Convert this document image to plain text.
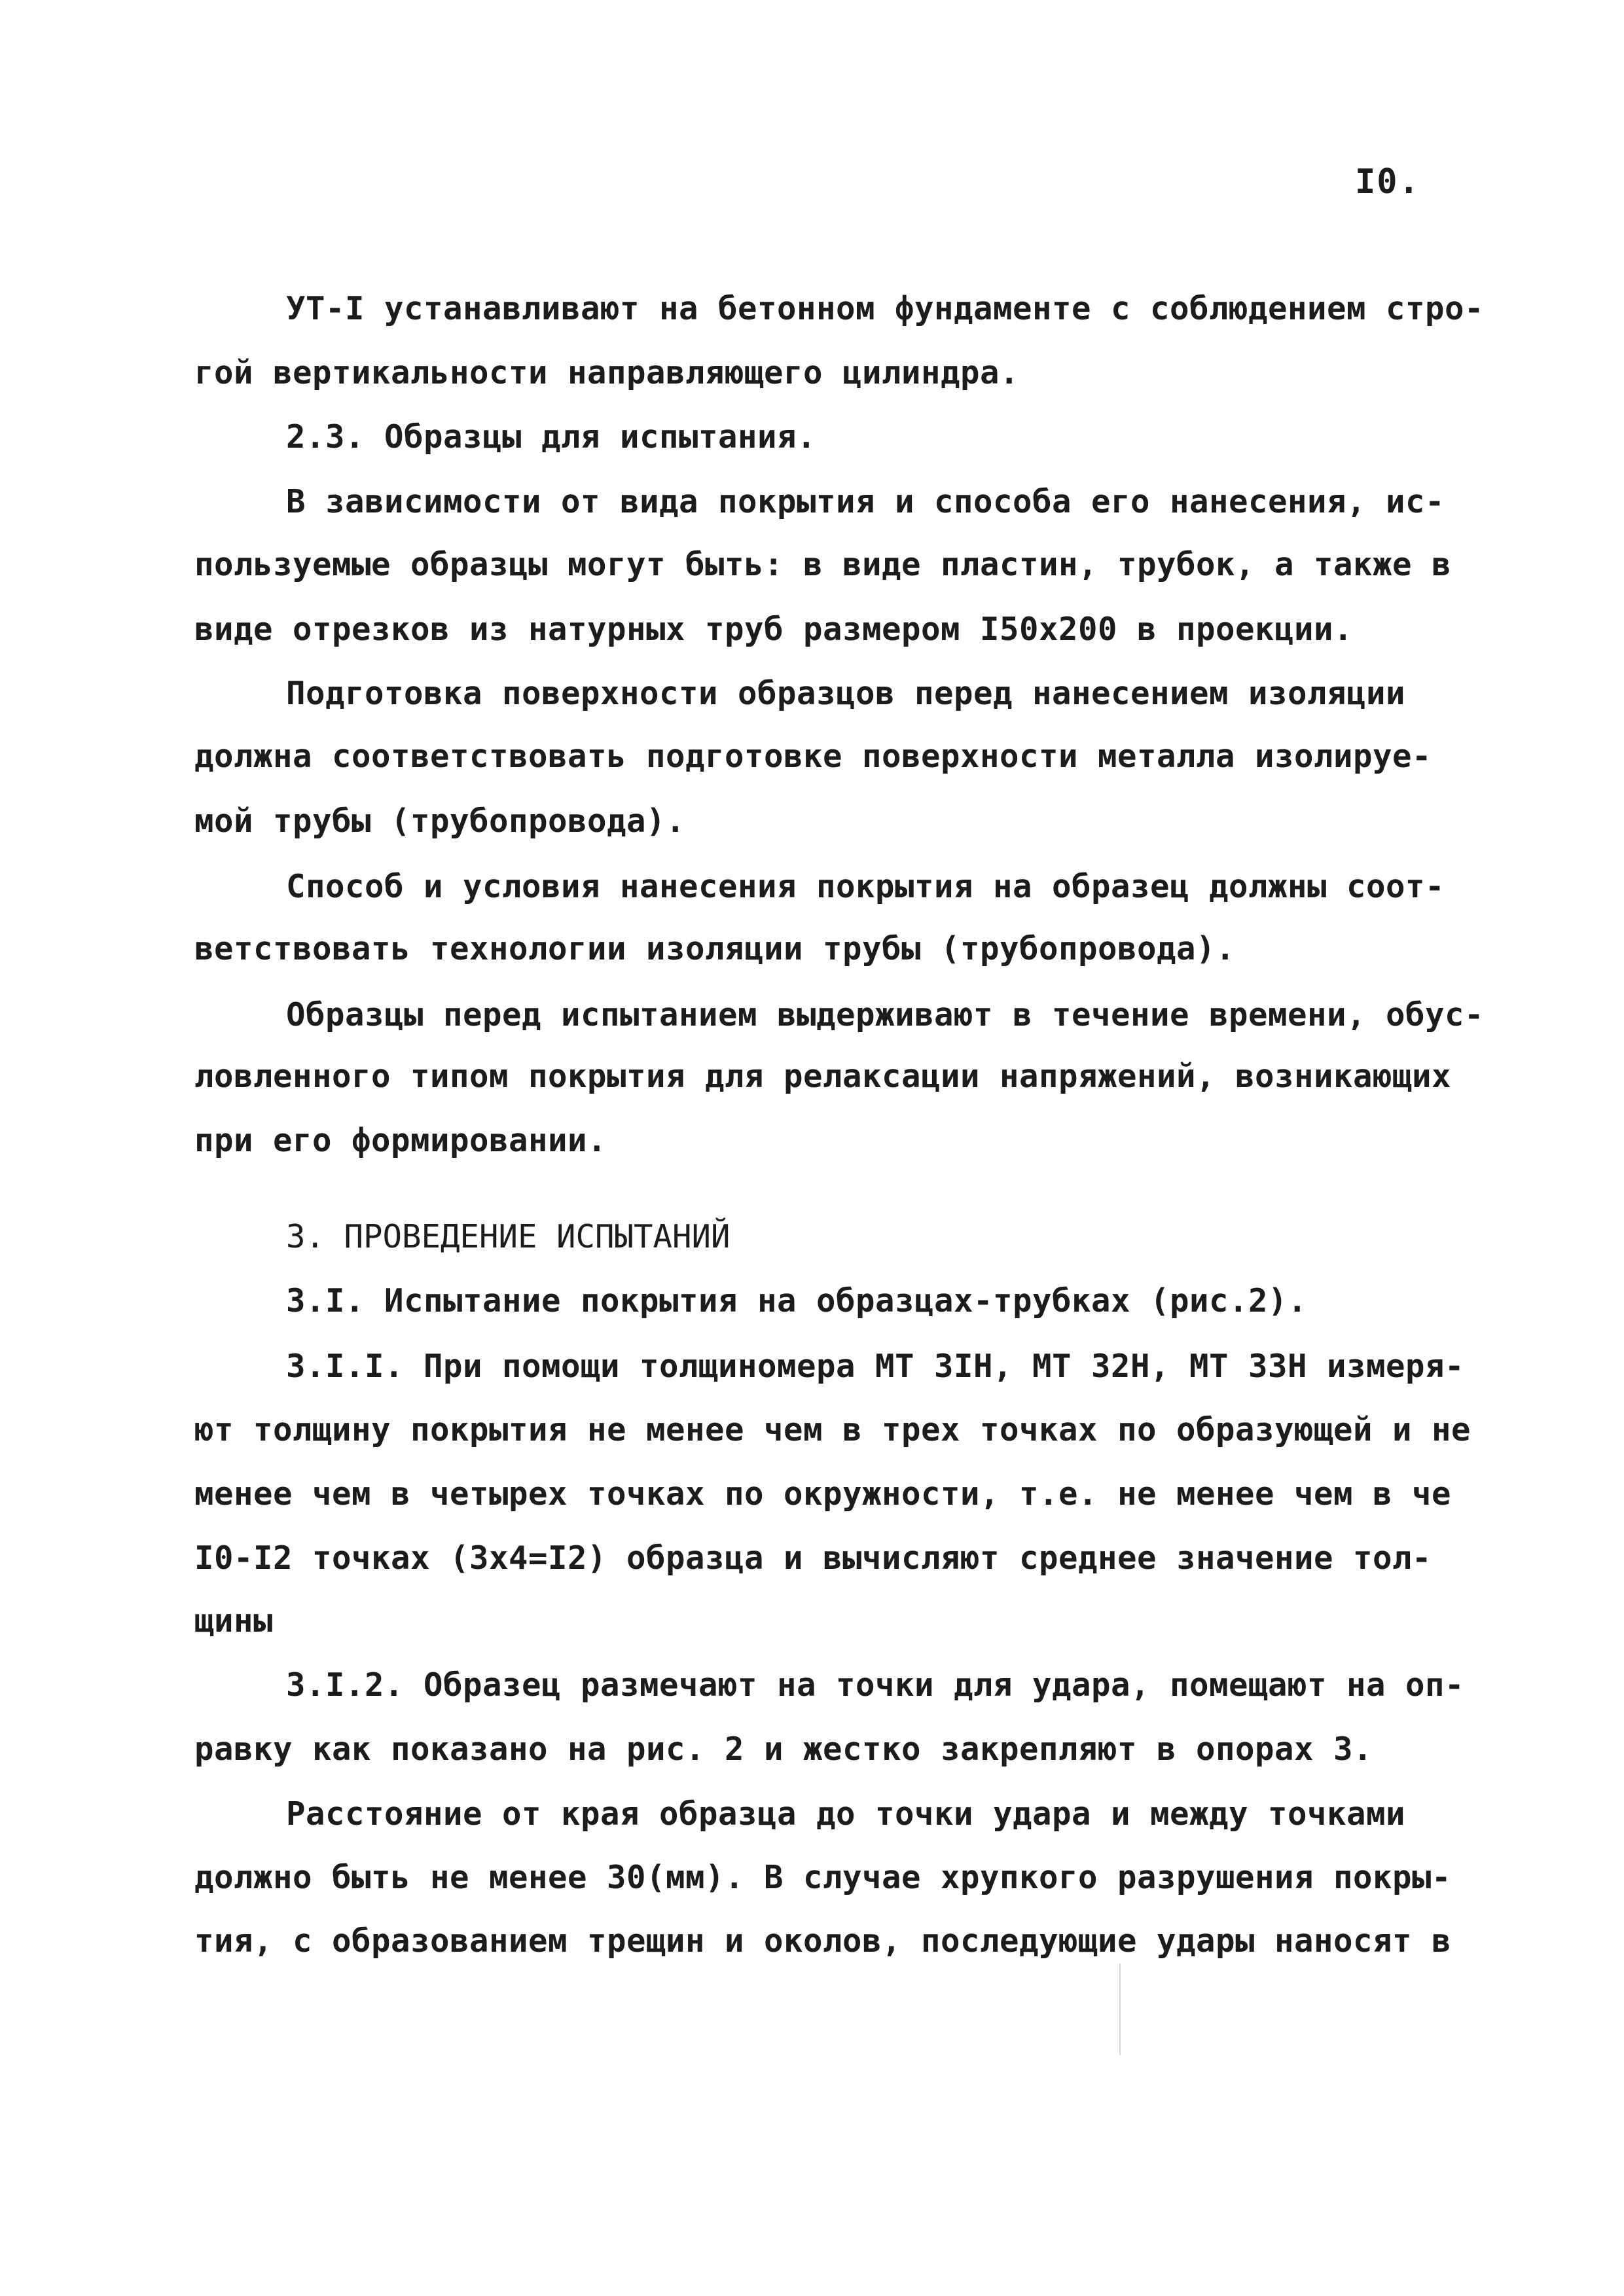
I0.
УТ-I устанавливают на бетонном фундаменте с соблюдением стро-
гой вертикальности направляющего цилиндра.
2.3. Образцы для испытания.
В зависимости от вида покрытия и способа его нанесения, ис-
пользуемые образцы могут быть: в виде пластин, трубок, а также в
виде отрезков из натурных труб размером I50x200 в проекции.
Подготовка поверхности образцов перед нанесением изоляции
должна соответствовать подготовке поверхности металла изолируе-
мой трубы (трубопровода).
Способ и условия нанесения покрытия на образец должны соот-
ветствовать технологии изоляции трубы (трубопровода).
Образцы перед испытанием выдерживают в течение времени, обус-
ловленного типом покрытия для релаксации напряжений, возникающих
при его формировании.
3. ПРОВЕДЕНИЕ ИСПЫТАНИЙ
3.I. Испытание покрытия на образцах-трубках (рис.2).
3.I.I. При помощи толщиномера МТ 3IН, МТ 32Н, МТ 33Н измеря-
ют толщину покрытия не менее чем в трех точках по образующей и не
менее чем в четырех точках по окружности, т.е. не менее чем в че
I0-I2 точках (3x4=I2) образца и вычисляют среднее значение тол-
щины
3.I.2. Образец размечают на точки для удара, помещают на оп-
равку как показано на рис. 2 и жестко закрепляют в опорах 3.
Расстояние от края образца до точки удара и между точками
должно быть не менее 30(мм). В случае хрупкого разрушения покры-
тия, с образованием трещин и околов, последующие удары наносят в
